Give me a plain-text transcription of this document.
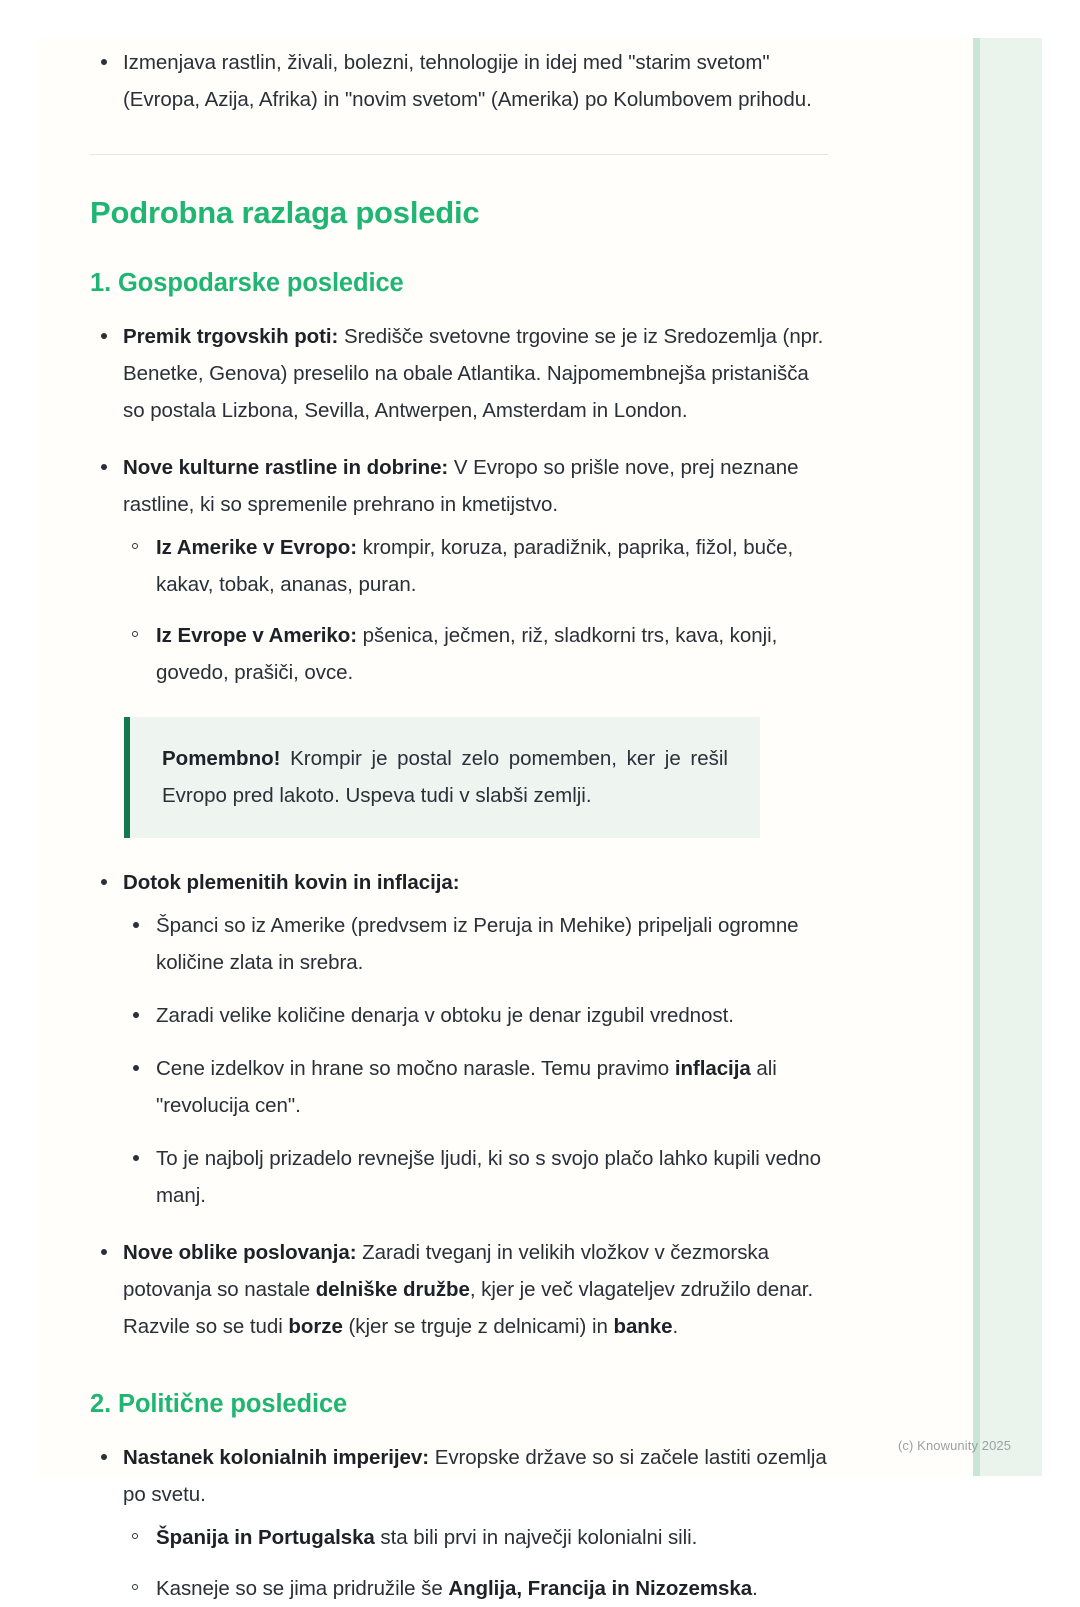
Izmenjava rastlin, živali, bolezni, tehnologije in idej med "starim svetom" (Evropa, Azija, Afrika) in "novim svetom" (Amerika) po Kolumbovem prihodu.
Podrobna razlaga posledic
1. Gospodarske posledice
Premik trgovskih poti: Središče svetovne trgovine se je iz Sredozemlja (npr. Benetke, Genova) preselilo na obale Atlantika. Najpomembnejša pristanišča so postala Lizbona, Sevilla, Antwerpen, Amsterdam in London.
Nove kulturne rastline in dobrine: V Evropo so prišle nove, prej neznane rastline, ki so spremenile prehrano in kmetijstvo.
Iz Amerike v Evropo: krompir, koruza, paradižnik, paprika, fižol, buče, kakav, tobak, ananas, puran.
Iz Evrope v Ameriko: pšenica, ječmen, riž, sladkorni trs, kava, konji, govedo, prašiči, ovce.

Pomembno! Krompir je postal zelo pomemben, ker je rešil Evropo pred lakoto. Uspeva tudi v slabši zemlji.

Dotok plemenitih kovin in inflacija:
Španci so iz Amerike (predvsem iz Peruja in Mehike) pripeljali ogromne količine zlata in srebra.
Zaradi velike količine denarja v obtoku je denar izgubil vrednost.
Cene izdelkov in hrane so močno narasle. Temu pravimo inflacija ali "revolucija cen".
To je najbolj prizadelo revnejše ljudi, ki so s svojo plačo lahko kupili vedno manj.
Nove oblike poslovanja: Zaradi tveganj in velikih vložkov v čezmorska potovanja so nastale delniške družbe, kjer je več vlagateljev združilo denar. Razvile so se tudi borze (kjer se trguje z delnicami) in banke.
2. Politične posledice
Nastanek kolonialnih imperijev: Evropske države so si začele lastiti ozemlja po svetu.
Španija in Portugalska sta bili prvi in največji kolonialni sili.
Kasneje so se jima pridružile še Anglija, Francija in Nizozemska.
(c) Knowunity 2025
